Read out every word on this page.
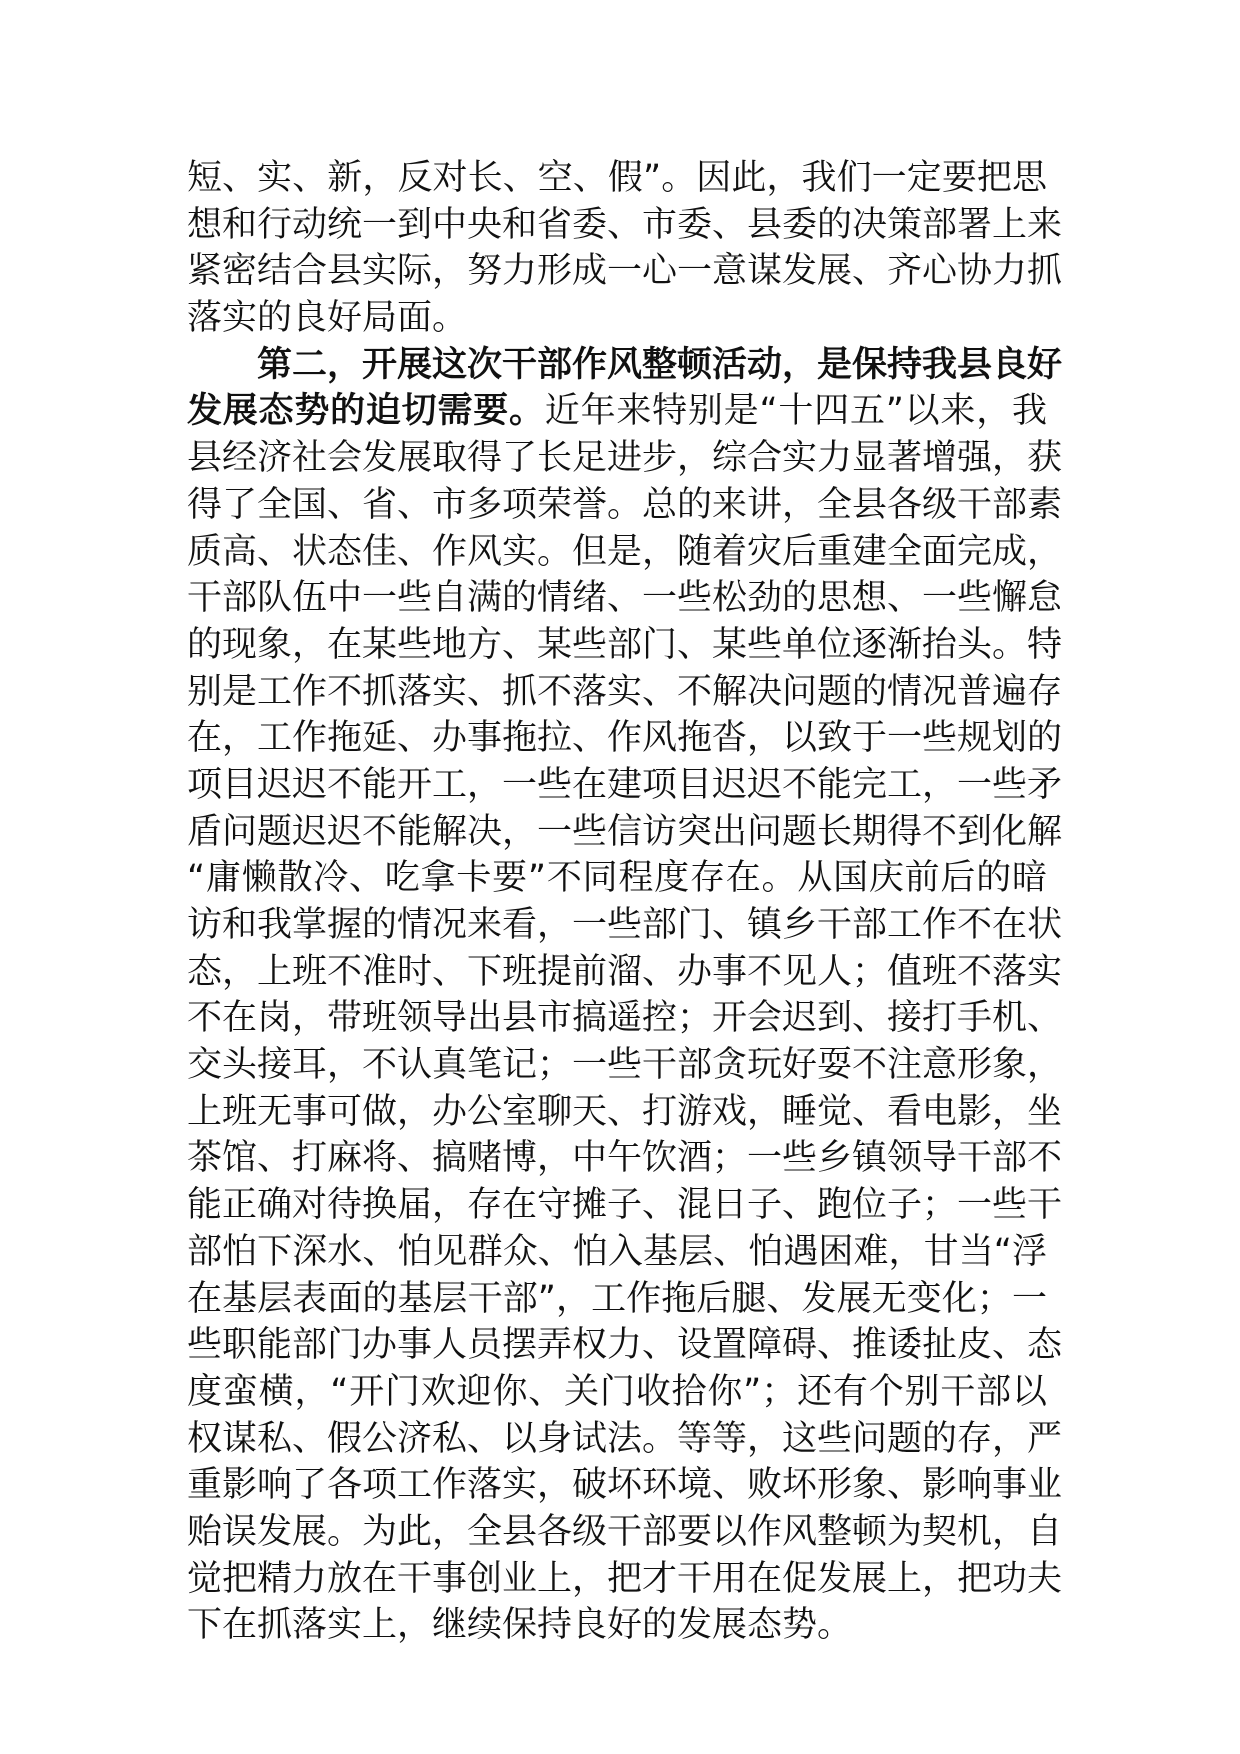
短、实、新，反对长、空、假”。因此，我们一定要把思
想和行动统一到中央和省委、市委、县委的决策部署上来
紧密结合县实际，努力形成一心一意谋发展、齐心协力抓
落实的良好局面。
第二，开展这次干部作风整顿活动，是保持我县良好
发展态势的迫切需要。近年来特别是“十四五”以来，我
县经济社会发展取得了长足进步，综合实力显著增强，获
得了全国、省、市多项荣誉。总的来讲，全县各级干部素
质高、状态佳、作风实。但是，随着灾后重建全面完成，
干部队伍中一些自满的情绪、一些松劲的思想、一些懈怠
的现象，在某些地方、某些部门、某些单位逐渐抬头。特
别是工作不抓落实、抓不落实、不解决问题的情况普遍存
在，工作拖延、办事拖拉、作风拖沓，以致于一些规划的
项目迟迟不能开工，一些在建项目迟迟不能完工，一些矛
盾问题迟迟不能解决，一些信访突出问题长期得不到化解
“庸懒散冷、吃拿卡要”不同程度存在。从国庆前后的暗
访和我掌握的情况来看，一些部门、镇乡干部工作不在状
态，上班不准时、下班提前溜、办事不见人；值班不落实
不在岗，带班领导出县市搞遥控；开会迟到、接打手机、
交头接耳，不认真笔记；一些干部贪玩好耍不注意形象，
上班无事可做，办公室聊天、打游戏，睡觉、看电影，坐
茶馆、打麻将、搞赌博，中午饮酒；一些乡镇领导干部不
能正确对待换届，存在守摊子、混日子、跑位子；一些干
部怕下深水、怕见群众、怕入基层、怕遇困难，甘当“浮
在基层表面的基层干部”，工作拖后腿、发展无变化；一
些职能部门办事人员摆弄权力、设置障碍、推诿扯皮、态
度蛮横，“开门欢迎你、关门收拾你”；还有个别干部以
权谋私、假公济私、以身试法。等等，这些问题的存，严
重影响了各项工作落实，破坏环境、败坏形象、影响事业
贻误发展。为此，全县各级干部要以作风整顿为契机，自
觉把精力放在干事创业上，把才干用在促发展上，把功夫
下在抓落实上，继续保持良好的发展态势。
